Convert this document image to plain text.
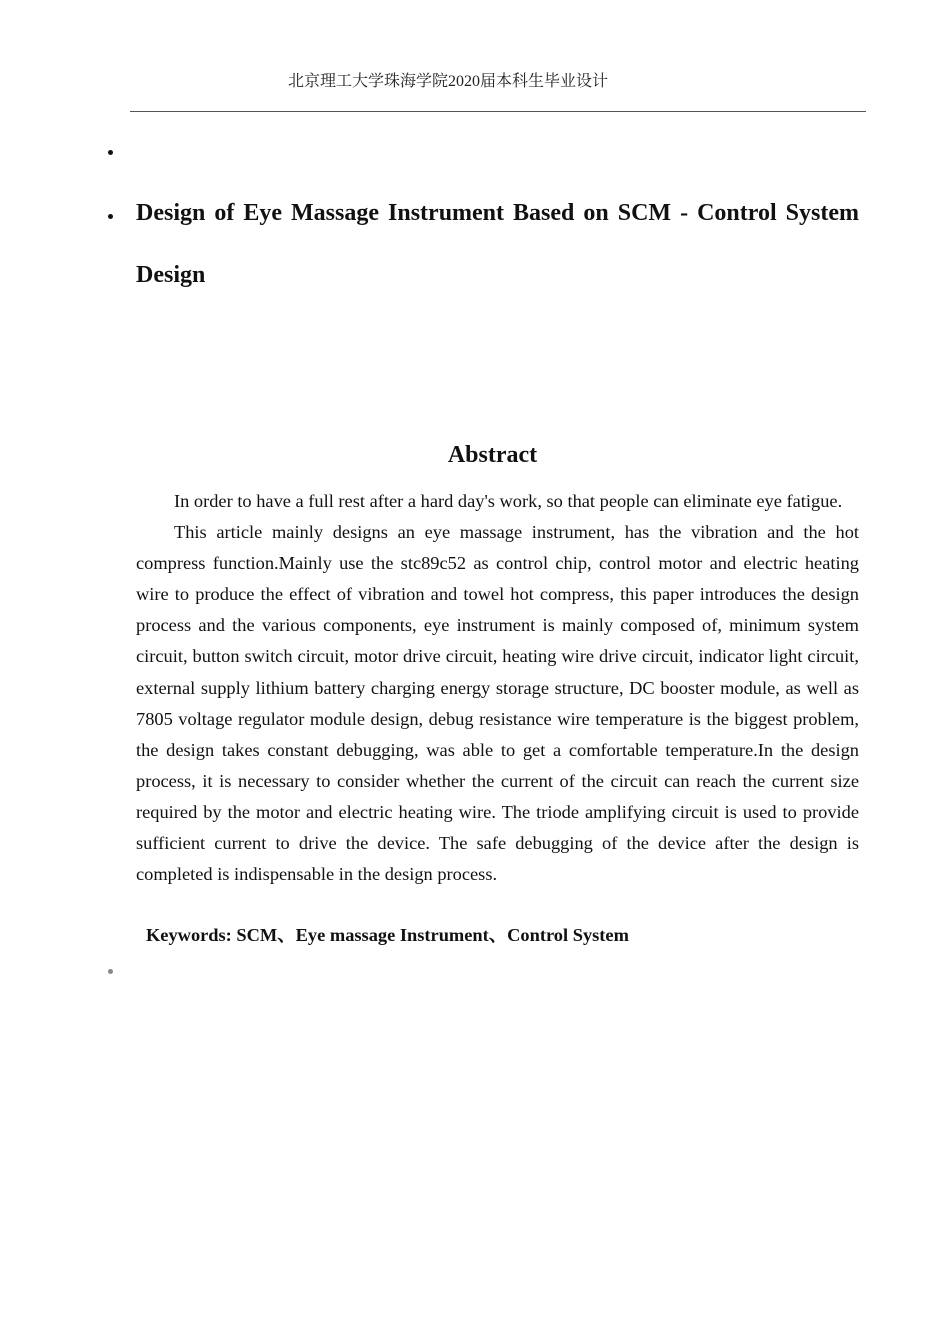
北京理工大学珠海学院2020届本科生毕业设计
Design of Eye Massage Instrument Based on SCM - Control System
Design
Abstract

In order to have a full rest after a hard day's work, so that people can eliminate eye fatigue.

This article mainly designs an eye massage instrument, has the vibration and the hot compress function.Mainly use the stc89c52 as control chip, control motor and electric heating wire to produce the effect of vibration and towel hot compress, this paper introduces the design process and the various components, eye instrument is mainly composed of, minimum system circuit, button switch circuit, motor drive circuit, heating wire drive circuit, indicator light circuit, external supply lithium battery charging energy storage structure, DC booster module, as well as 7805 voltage regulator module design, debug resistance wire temperature is the biggest problem, the design takes constant debugging, was able to get a comfortable temperature.In the design process, it is necessary to consider whether the current of the circuit can reach the current size required by the motor and electric heating wire. The triode amplifying circuit is used to provide sufficient current to drive the device. The safe debugging of the device after the design is completed is indispensable in the design process.

Keywords: SCM、Eye massage Instrument、Control System
